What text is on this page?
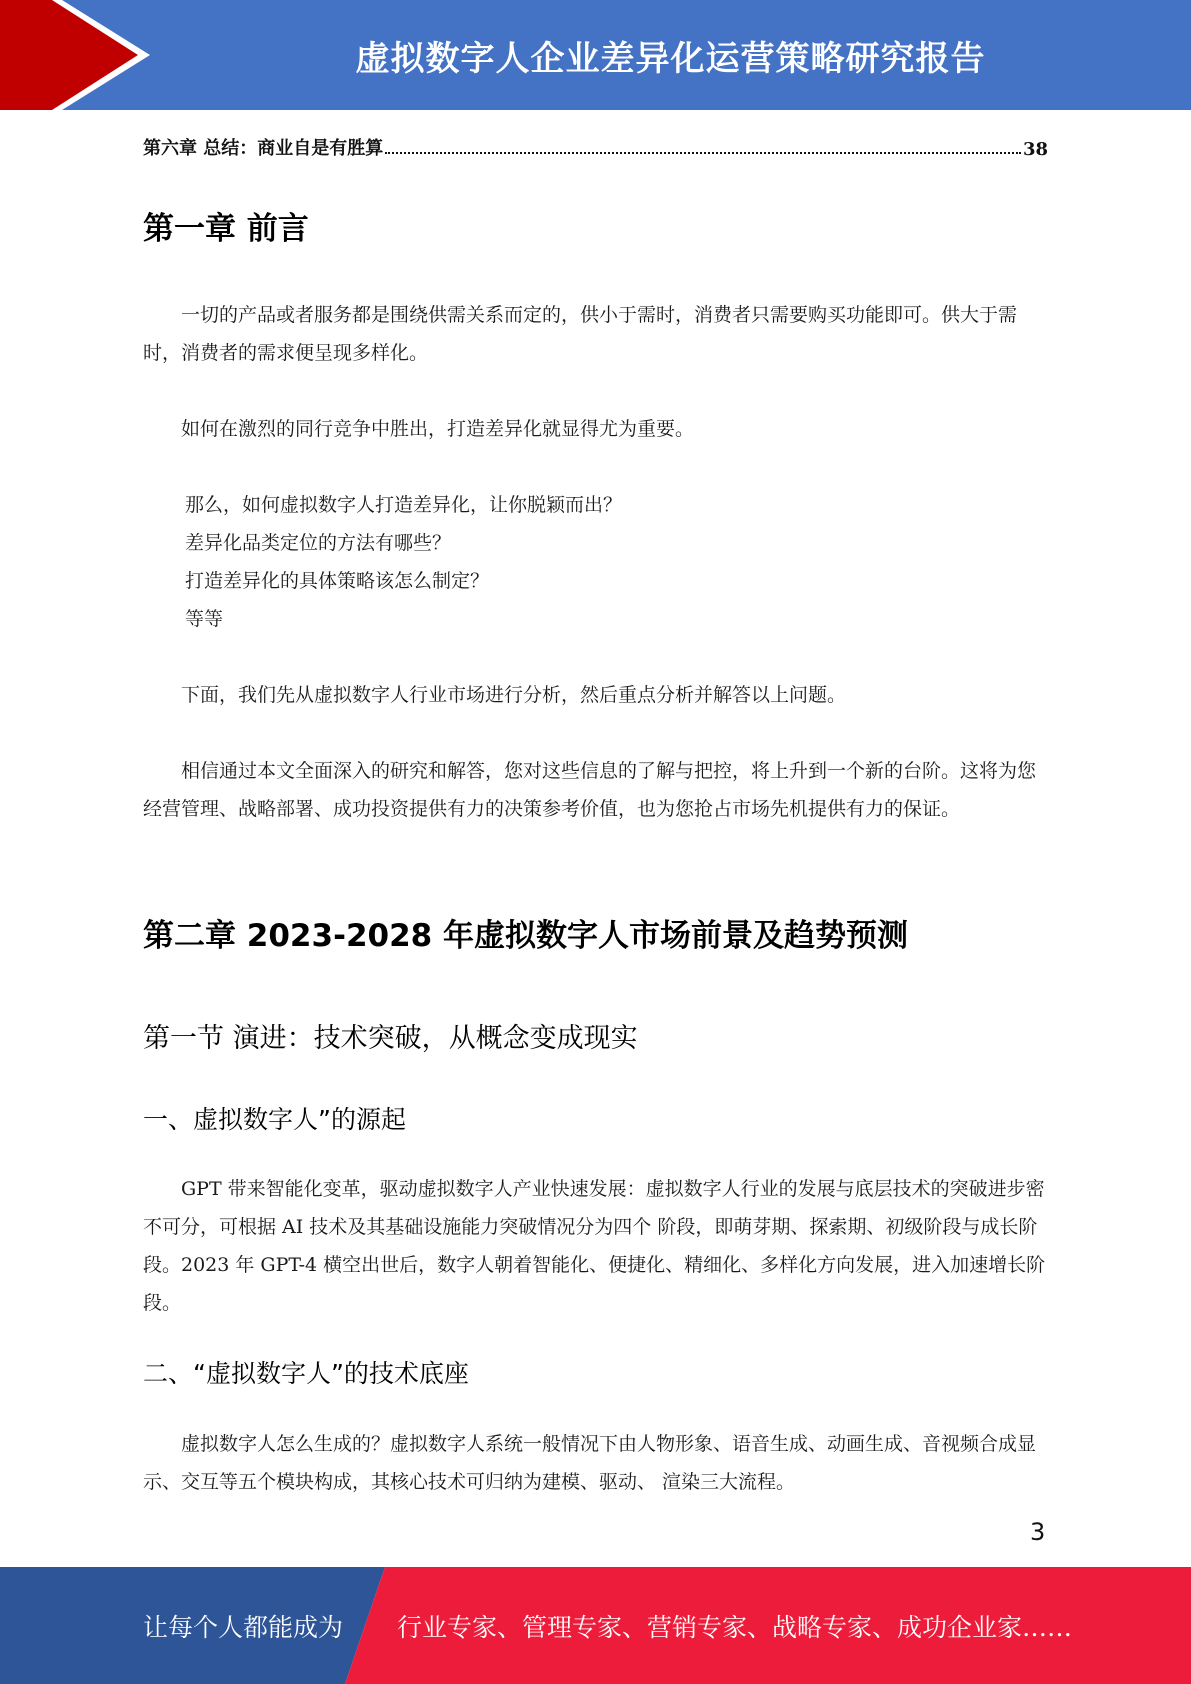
虚拟数字人企业差异化运营策略研究报告
第六章 总结：商业自是有胜算	38
第一章 前言
一切的产品或者服务都是围绕供需关系而定的，供小于需时，消费者只需要购买功能即可。供大于需时，消费者的需求便呈现多样化。
如何在激烈的同行竞争中胜出，打造差异化就显得尤为重要。
那么，如何虚拟数字人打造差异化，让你脱颖而出？
差异化品类定位的方法有哪些？
打造差异化的具体策略该怎么制定？
等等
下面，我们先从虚拟数字人行业市场进行分析，然后重点分析并解答以上问题。
相信通过本文全面深入的研究和解答，您对这些信息的了解与把控，将上升到一个新的台阶。这将为您经营管理、战略部署、成功投资提供有力的决策参考价值，也为您抢占市场先机提供有力的保证。
第二章 2023-2028 年虚拟数字人市场前景及趋势预测
第一节 演进：技术突破，从概念变成现实
一、虚拟数字人”的源起
GPT 带来智能化变革，驱动虚拟数字人产业快速发展：虚拟数字人行业的发展与底层技术的突破进步密不可分，可根据 AI 技术及其基础设施能力突破情况分为四个 阶段，即萌芽期、探索期、初级阶段与成长阶段。2023 年 GPT-4 横空出世后，数字人朝着智能化、便捷化、精细化、多样化方向发展，进入加速增长阶段。
二、“虚拟数字人”的技术底座
虚拟数字人怎么生成的？虚拟数字人系统一般情况下由人物形象、语音生成、动画生成、音视频合成显示、交互等五个模块构成，其核心技术可归纳为建模、驱动、 渲染三大流程。
3
让每个人都能成为 行业专家、管理专家、营销专家、战略专家、成功企业家……
